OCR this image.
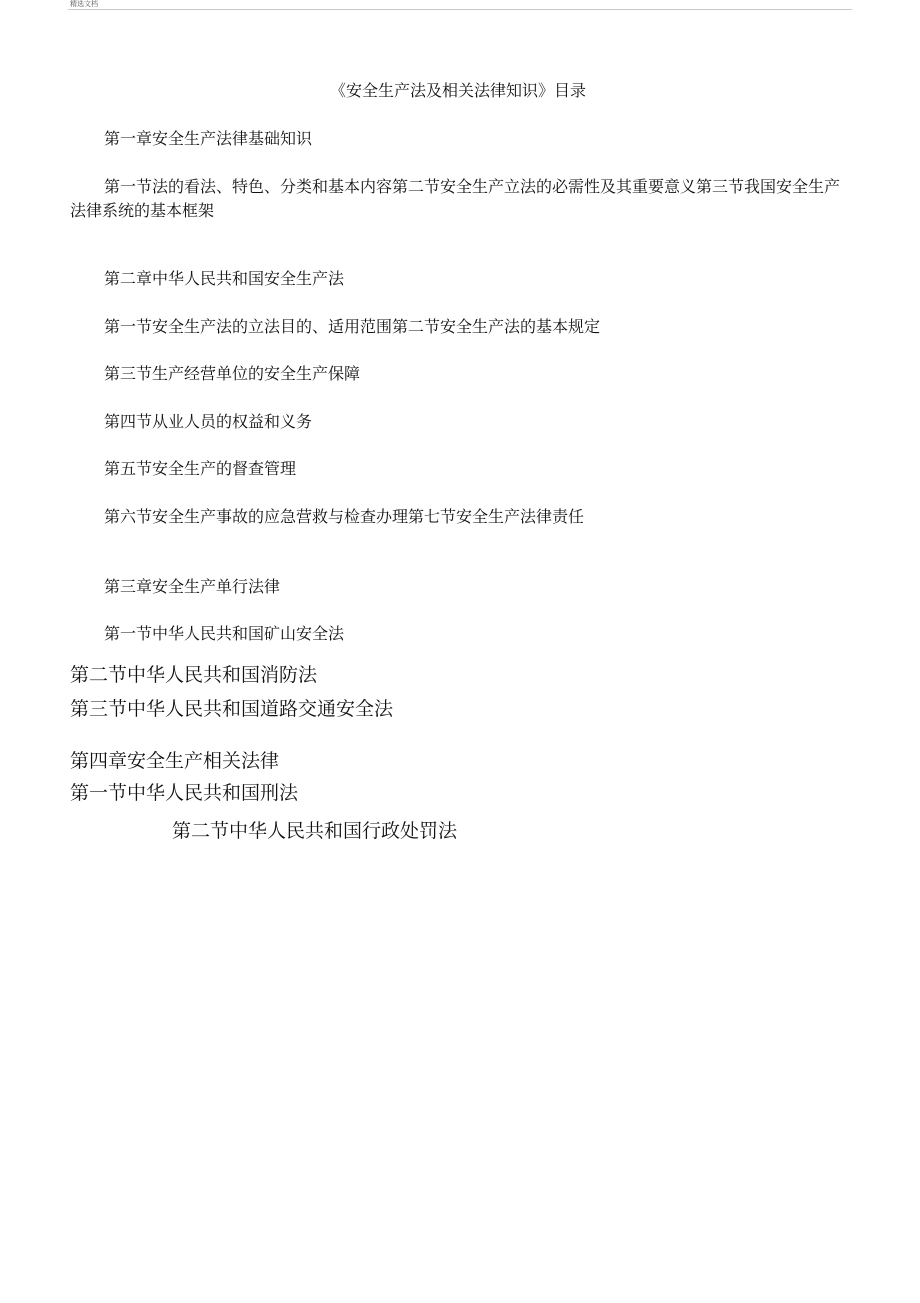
精选文档
《安全生产法及相关法律知识》目录
第一章安全生产法律基础知识

第一节法的看法、特色、分类和基本内容第二节安全生产立法的必需性及其重要意义第三节我国安全生产法律系统的基本框架

第二章中华人民共和国安全生产法
第一节安全生产法的立法目的、适用范围第二节安全生产法的基本规定
第三节生产经营单位的安全生产保障
第四节从业人员的权益和义务
第五节安全生产的督查管理
第六节安全生产事故的应急营救与检查办理第七节安全生产法律责任
第三章安全生产单行法律
第一节中华人民共和国矿山安全法
第二节中华人民共和国消防法
第三节中华人民共和国道路交通安全法
第四章安全生产相关法律
第一节中华人民共和国刑法
第二节中华人民共和国行政处罚法
